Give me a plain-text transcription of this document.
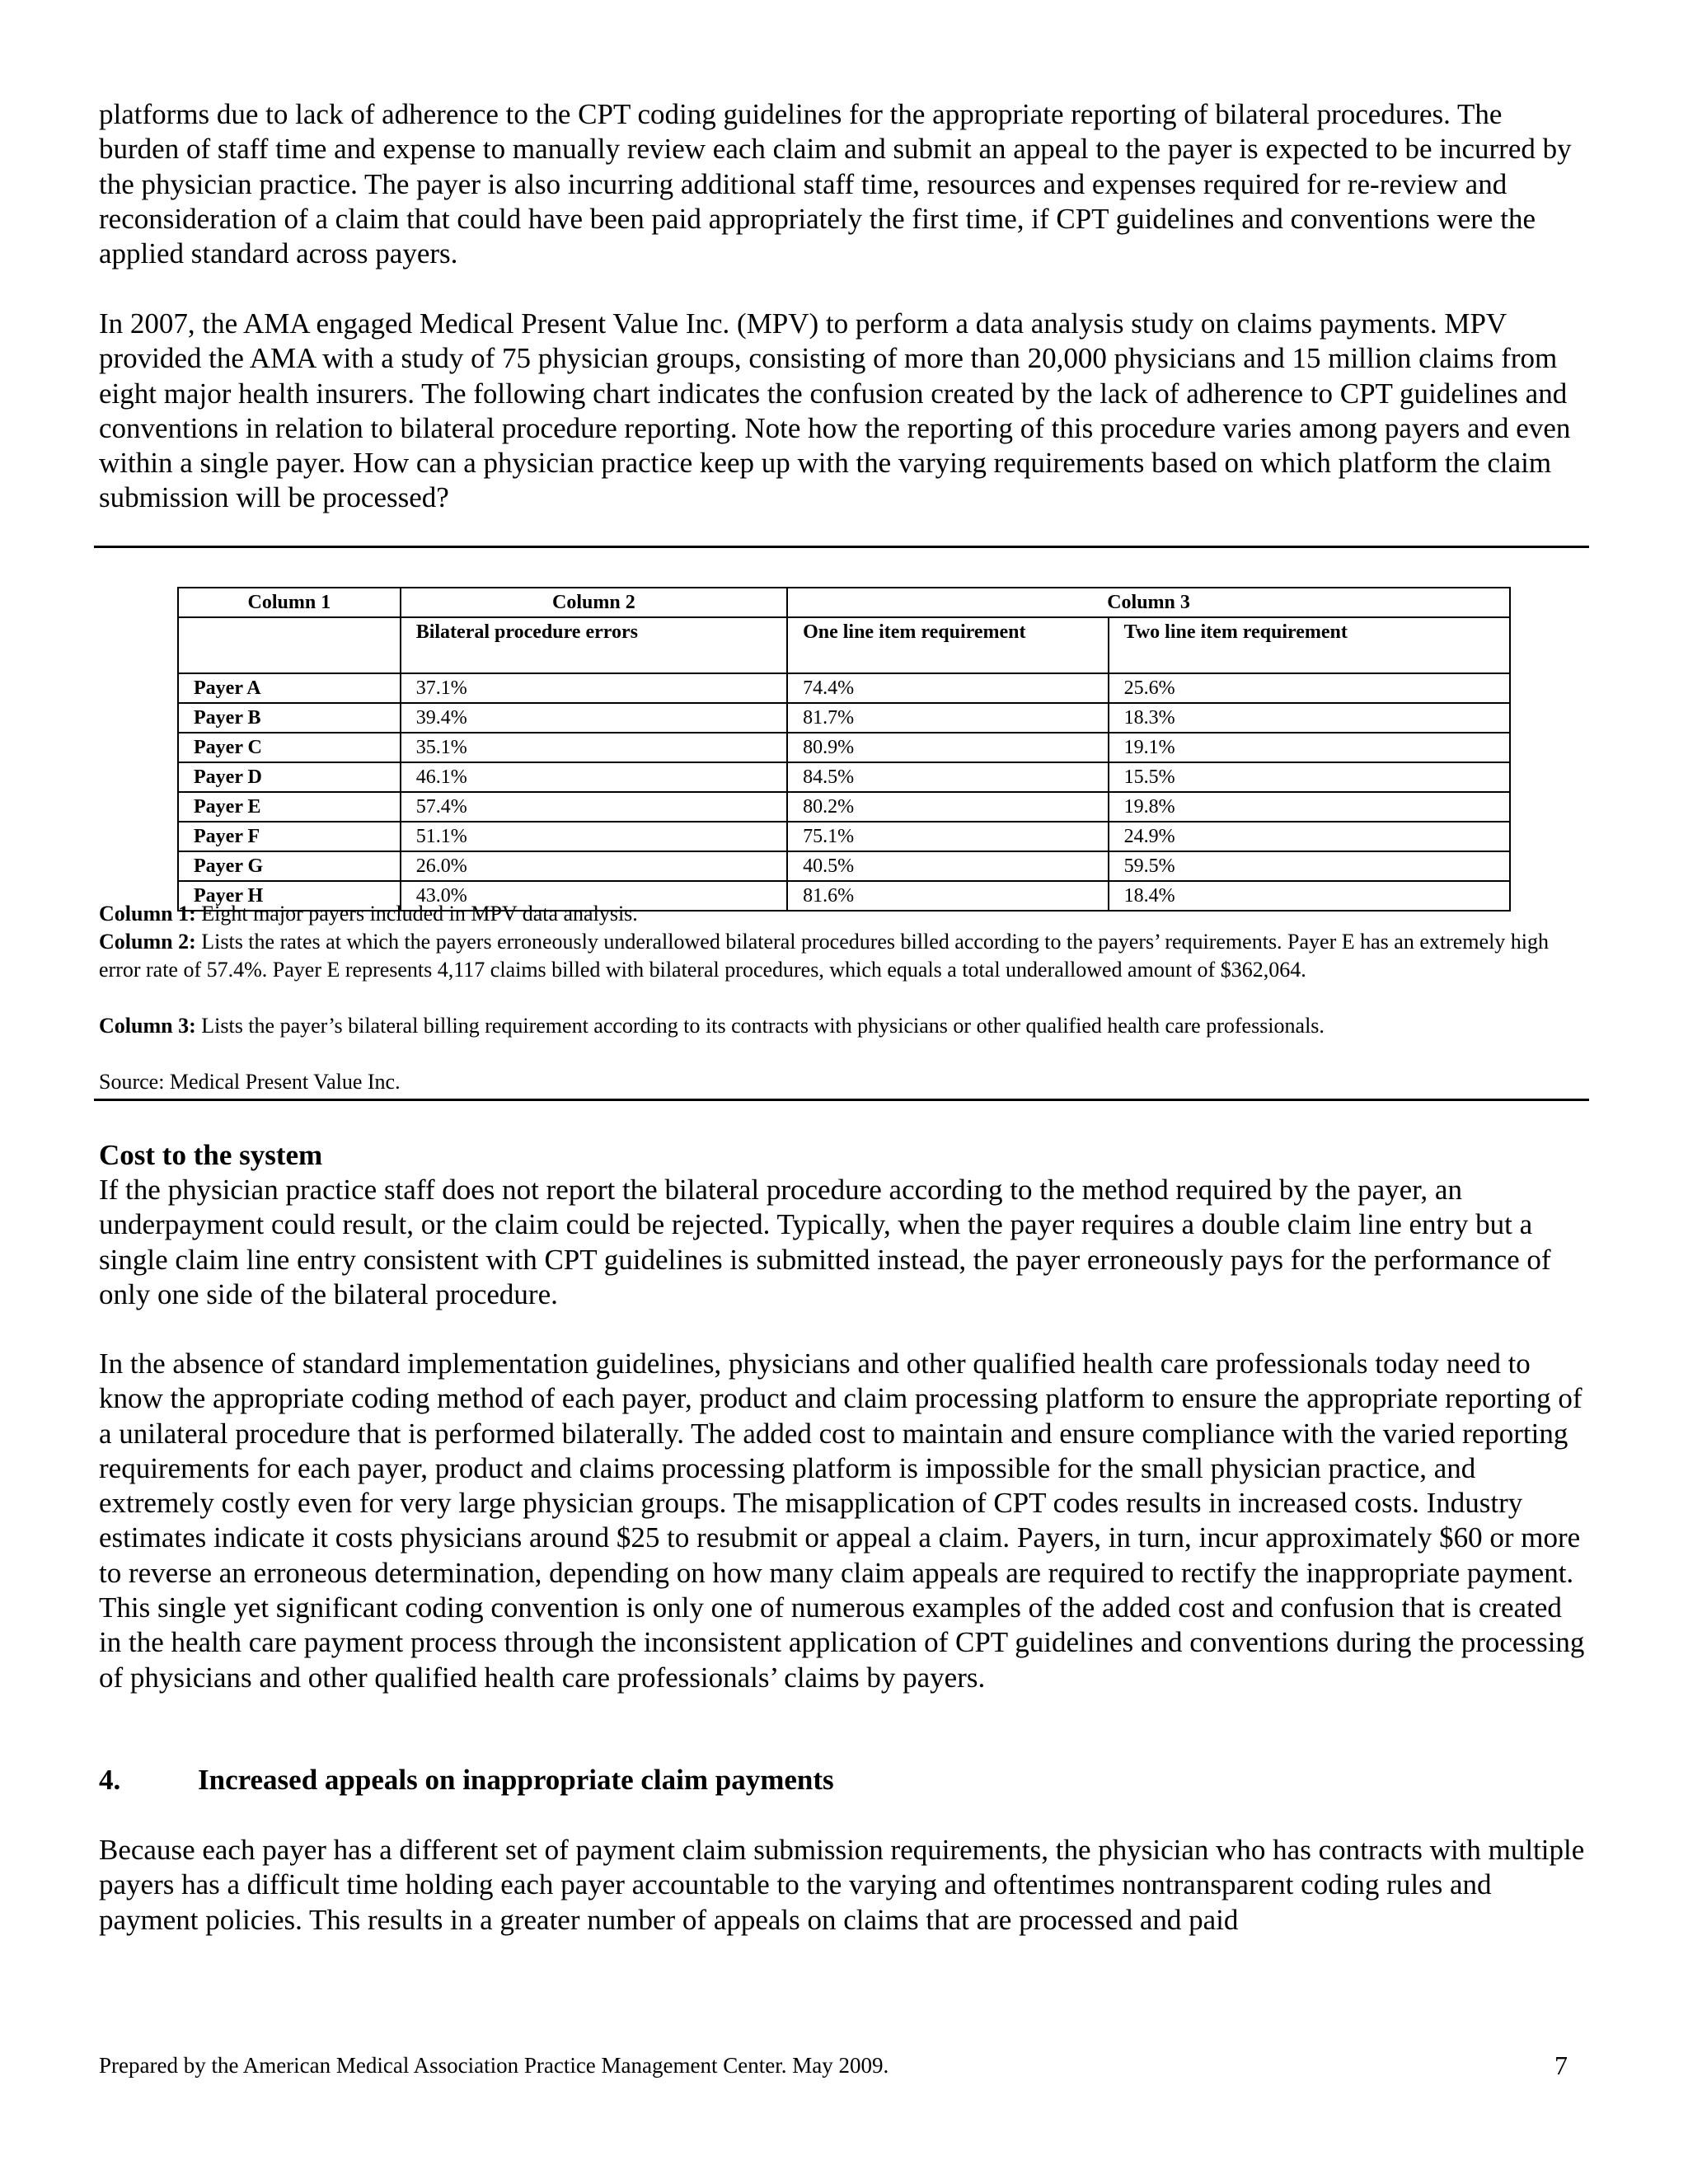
platforms due to lack of adherence to the CPT coding guidelines for the appropriate reporting of bilateral procedures. The burden of staff time and expense to manually review each claim and submit an appeal to the payer is expected to be incurred by the physician practice. The payer is also incurring additional staff time, resources and expenses required for re-review and reconsideration of a claim that could have been paid appropriately the first time, if CPT guidelines and conventions were the applied standard across payers.

In 2007, the AMA engaged Medical Present Value Inc. (MPV) to perform a data analysis study on claims payments. MPV provided the AMA with a study of 75 physician groups, consisting of more than 20,000 physicians and 15 million claims from eight major health insurers. The following chart indicates the confusion created by the lack of adherence to CPT guidelines and conventions in relation to bilateral procedure reporting. Note how the reporting of this procedure varies among payers and even within a single payer. How can a physician practice keep up with the varying requirements based on which platform the claim submission will be processed?

Column 1	Column 2	Column 3	
	Bilateral procedure errors	One line item requirement	Two line item requirement
Payer A	37.1%	74.4%	25.6%
Payer B	39.4%	81.7%	18.3%
Payer C	35.1%	80.9%	19.1%
Payer D	46.1%	84.5%	15.5%
Payer E	57.4%	80.2%	19.8%
Payer F	51.1%	75.1%	24.9%
Payer G	26.0%	40.5%	59.5%
Payer H	43.0%	81.6%	18.4%

Column 1: Eight major payers included in MPV data analysis.

Column 2: Lists the rates at which the payers erroneously underallowed bilateral procedures billed according to the payers’ requirements. Payer E has an extremely high error rate of 57.4%. Payer E represents 4,117 claims billed with bilateral procedures, which equals a total underallowed amount of $362,064.

Column 3: Lists the payer’s bilateral billing requirement according to its contracts with physicians or other qualified health care professionals.

Source: Medical Present Value Inc.

Cost to the system

If the physician practice staff does not report the bilateral procedure according to the method required by the payer, an underpayment could result, or the claim could be rejected. Typically, when the payer requires a double claim line entry but a single claim line entry consistent with CPT guidelines is submitted instead, the payer erroneously pays for the performance of only one side of the bilateral procedure.

In the absence of standard implementation guidelines, physicians and other qualified health care professionals today need to know the appropriate coding method of each payer, product and claim processing platform to ensure the appropriate reporting of a unilateral procedure that is performed bilaterally. The added cost to maintain and ensure compliance with the varied reporting requirements for each payer, product and claims processing platform is impossible for the small physician practice, and extremely costly even for very large physician groups. The misapplication of CPT codes results in increased costs. Industry estimates indicate it costs physicians around $25 to resubmit or appeal a claim. Payers, in turn, incur approximately $60 or more to reverse an erroneous determination, depending on how many claim appeals are required to rectify the inappropriate payment. This single yet significant coding convention is only one of numerous examples of the added cost and confusion that is created in the health care payment process through the inconsistent application of CPT guidelines and conventions during the processing of physicians and other qualified health care professionals’ claims by payers.

4.	Increased appeals on inappropriate claim payments

Because each payer has a different set of payment claim submission requirements, the physician who has contracts with multiple payers has a difficult time holding each payer accountable to the varying and oftentimes nontransparent coding rules and payment policies. This results in a greater number of appeals on claims that are processed and paid

Prepared by the American Medical Association Practice Management Center. May 2009.	7
